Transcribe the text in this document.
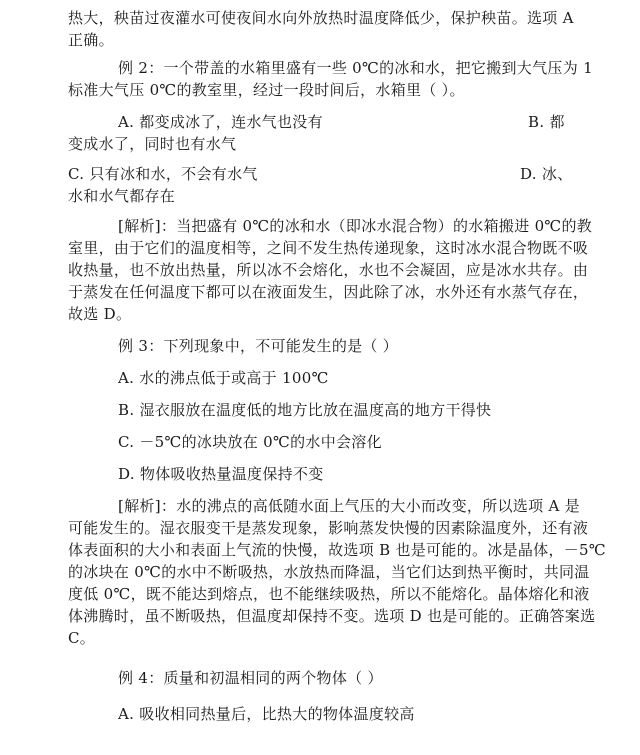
热大，秧苗过夜灌水可使夜间水向外放热时温度降低少，保护秧苗。选项 A
正确。
例 2：一个带盖的水箱里盛有一些 0℃的冰和水，把它搬到大气压为 1
标准大气压 0℃的教室里，经过一段时间后，水箱里（ ）。
A. 都变成冰了，连水气也没有	B. 都
变成水了，同时也有水气
C. 只有冰和水，不会有水气	D. 冰、
水和水气都存在
[解析]：当把盛有 0℃的冰和水（即冰水混合物）的水箱搬进 0℃的教
室里，由于它们的温度相等，之间不发生热传递现象，这时冰水混合物既不吸
收热量，也不放出热量，所以冰不会熔化，水也不会凝固，应是冰水共存。由
于蒸发在任何温度下都可以在液面发生，因此除了冰，水外还有水蒸气存在，
故选 D。
例 3：下列现象中，不可能发生的是（ ）
A. 水的沸点低于或高于 100℃
B. 湿衣服放在温度低的地方比放在温度高的地方干得快
C. －5℃的冰块放在 0℃的水中会溶化
D. 物体吸收热量温度保持不变
[解析]：水的沸点的高低随水面上气压的大小而改变，所以选项 A 是
可能发生的。湿衣服变干是蒸发现象，影响蒸发快慢的因素除温度外，还有液
体表面积的大小和表面上气流的快慢，故选项 B 也是可能的。冰是晶体，－5℃
的冰块在 0℃的水中不断吸热，水放热而降温，当它们达到热平衡时，共同温
度低 0℃，既不能达到熔点，也不能继续吸热，所以不能熔化。晶体熔化和液
体沸腾时，虽不断吸热，但温度却保持不变。选项 D 也是可能的。正确答案选
C。
例 4：质量和初温相同的两个物体（ ）
A. 吸收相同热量后，比热大的物体温度较高
